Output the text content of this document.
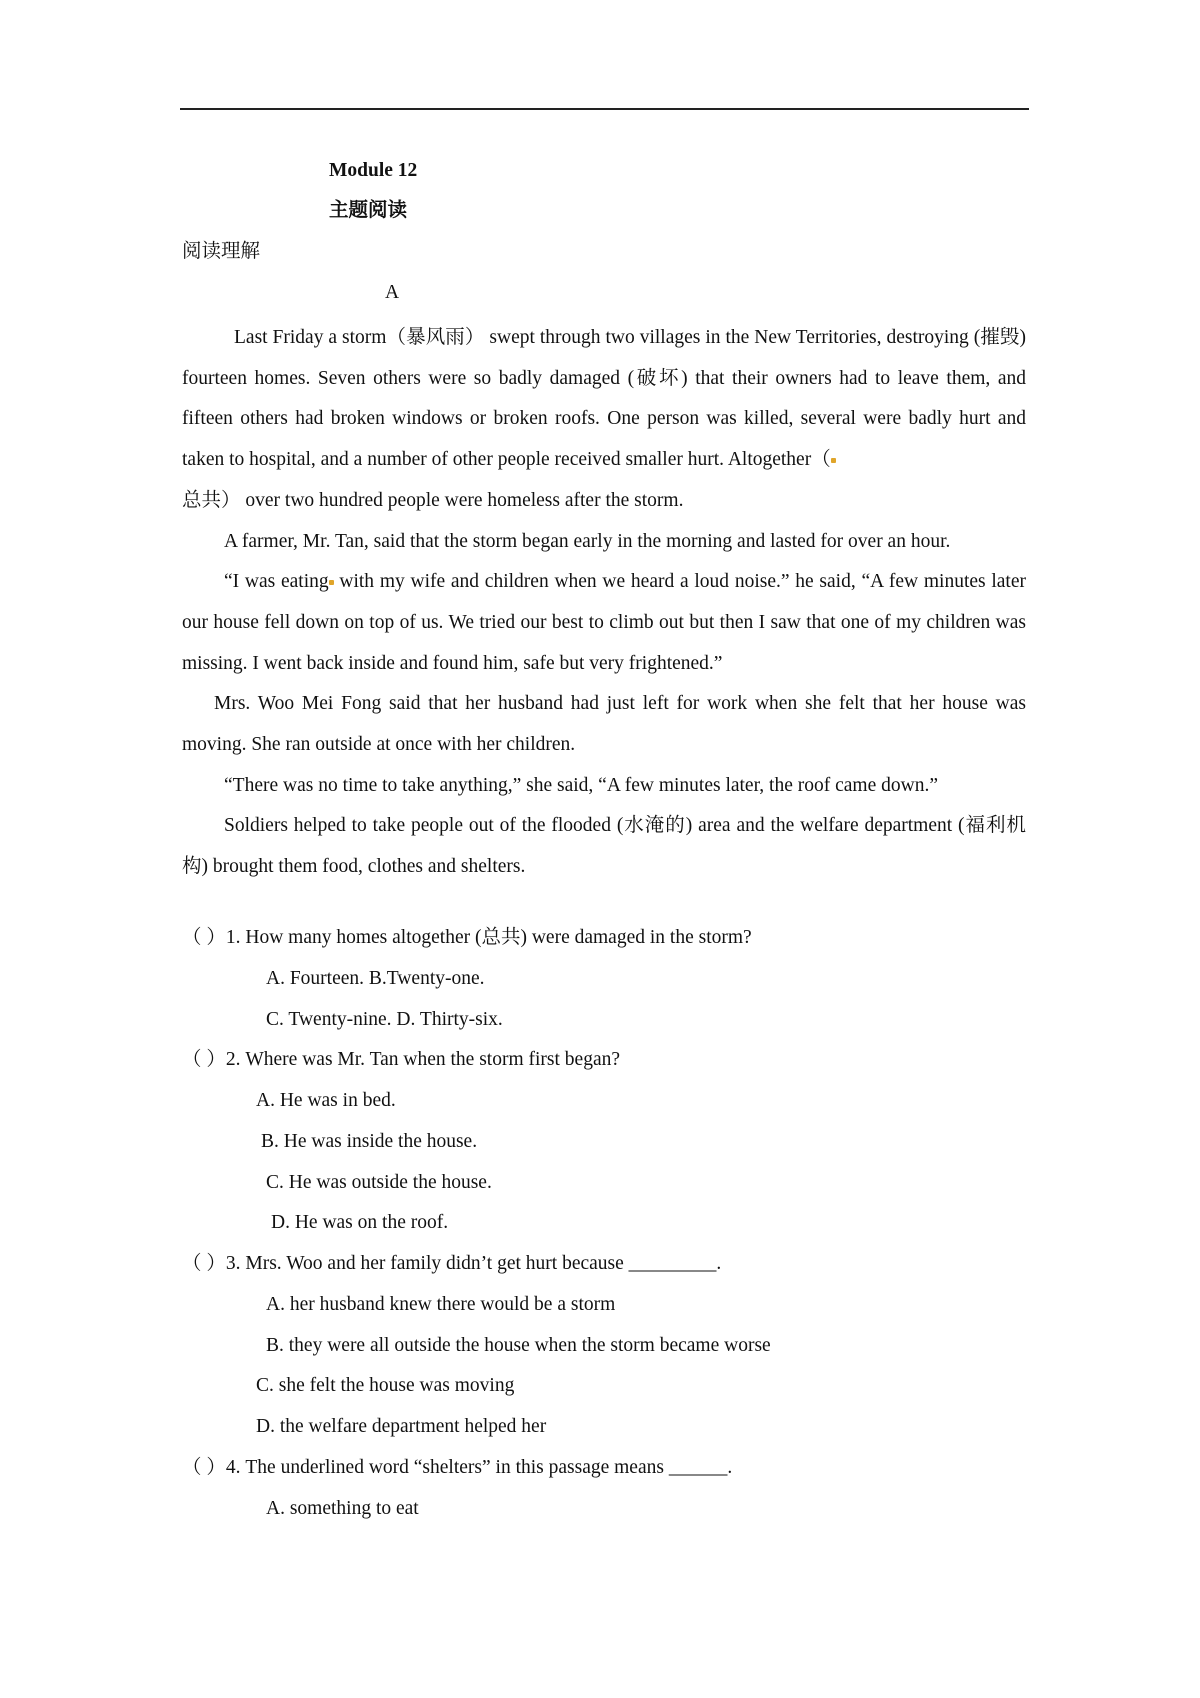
Module 12
主题阅读
阅读理解
A

Last Friday a storm（暴风雨） swept through two villages in the New Territories, destroying (摧毁) fourteen homes. Seven others were so badly damaged (破坏) that their owners had to leave them, and fifteen others had broken windows or broken roofs. One person was killed, several were badly hurt and taken to hospital, and a number of other people received smaller hurt. Altogether（
总共） over two hundred people were homeless after the storm.

A farmer, Mr. Tan, said that the storm began early in the morning and lasted for over an hour.

“I was eating with my wife and children when we heard a loud noise.” he said, “A few minutes later our house fell down on top of us. We tried our best to climb out but then I saw that one of my children was missing. I went back inside and found him, safe but very frightened.”

Mrs. Woo Mei Fong said that her husband had just left for work when she felt that her house was moving. She ran outside at once with her children.

“There was no time to take anything,” she said, “A few minutes later, the roof came down.”

Soldiers helped to take people out of the flooded (水淹的) area and the welfare department (福利机构) brought them food, clothes and shelters.

（ ）1. How many homes altogether (总共) were damaged in the storm?
A. Fourteen. B.Twenty-one.
C. Twenty-nine. D. Thirty-six.
（ ）2. Where was Mr. Tan when the storm first began?
A. He was in bed.
B. He was inside the house.
C. He was outside the house.
D. He was on the roof.
（ ）3. Mrs. Woo and her family didn’t get hurt because _________.
A. her husband knew there would be a storm
B. they were all outside the house when the storm became worse
C. she felt the house was moving
D. the welfare department helped her
（ ）4. The underlined word “shelters” in this passage means ______.
A. something to eat
